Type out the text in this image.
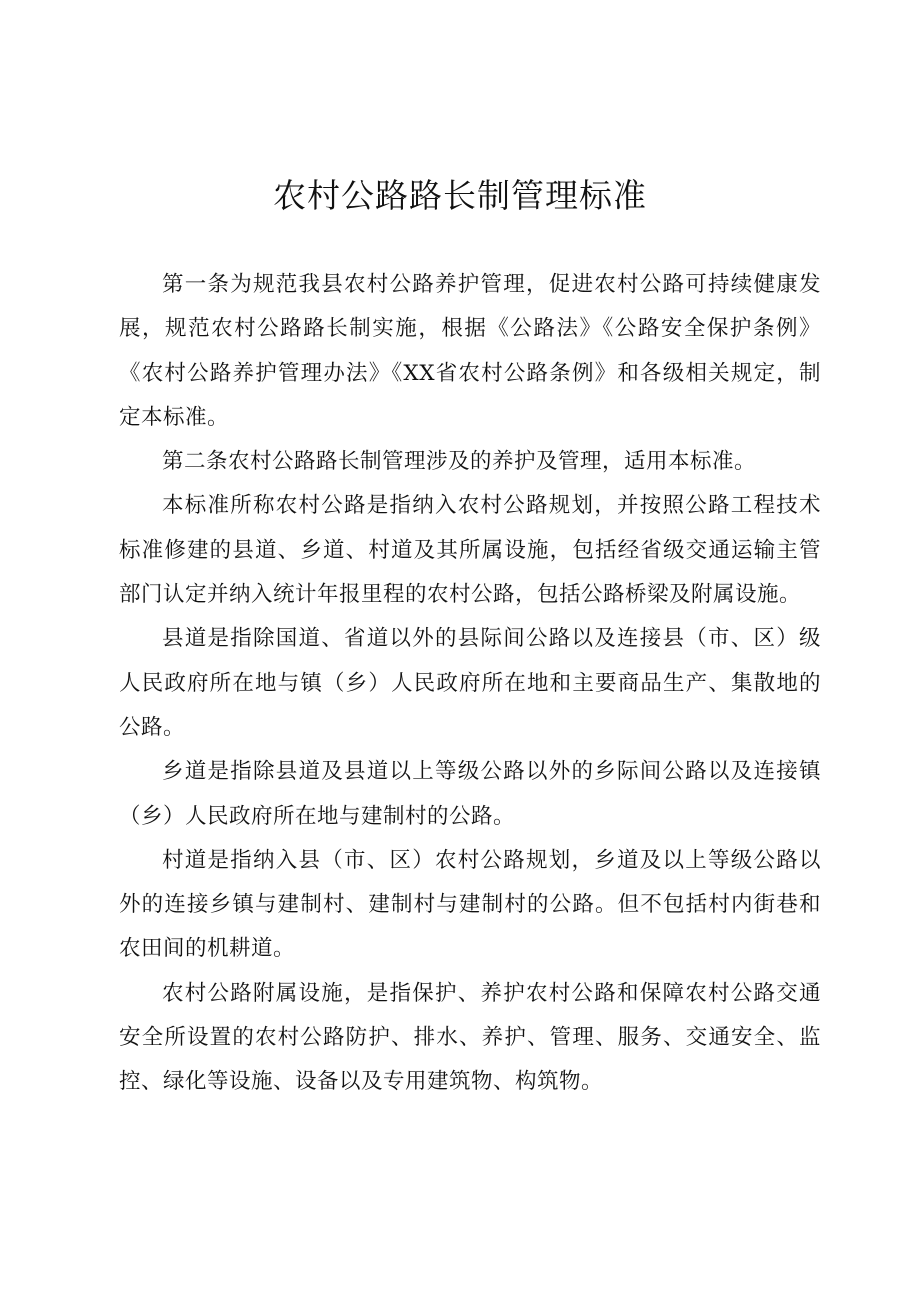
农村公路路长制管理标准

第一条为规范我县农村公路养护管理，促进农村公路可持续健康发展，规范农村公路路长制实施，根据《公路法》《公路安全保护条例》《农村公路养护管理办法》《XX省农村公路条例》和各级相关规定，制定本标准。

第二条农村公路路长制管理涉及的养护及管理，适用本标准。

本标准所称农村公路是指纳入农村公路规划，并按照公路工程技术标准修建的县道、乡道、村道及其所属设施，包括经省级交通运输主管部门认定并纳入统计年报里程的农村公路，包括公路桥梁及附属设施。

县道是指除国道、省道以外的县际间公路以及连接县（市、区）级人民政府所在地与镇（乡）人民政府所在地和主要商品生产、集散地的公路。

乡道是指除县道及县道以上等级公路以外的乡际间公路以及连接镇（乡）人民政府所在地与建制村的公路。

村道是指纳入县（市、区）农村公路规划，乡道及以上等级公路以外的连接乡镇与建制村、建制村与建制村的公路。但不包括村内街巷和农田间的机耕道。

农村公路附属设施，是指保护、养护农村公路和保障农村公路交通安全所设置的农村公路防护、排水、养护、管理、服务、交通安全、监控、绿化等设施、设备以及专用建筑物、构筑物。
